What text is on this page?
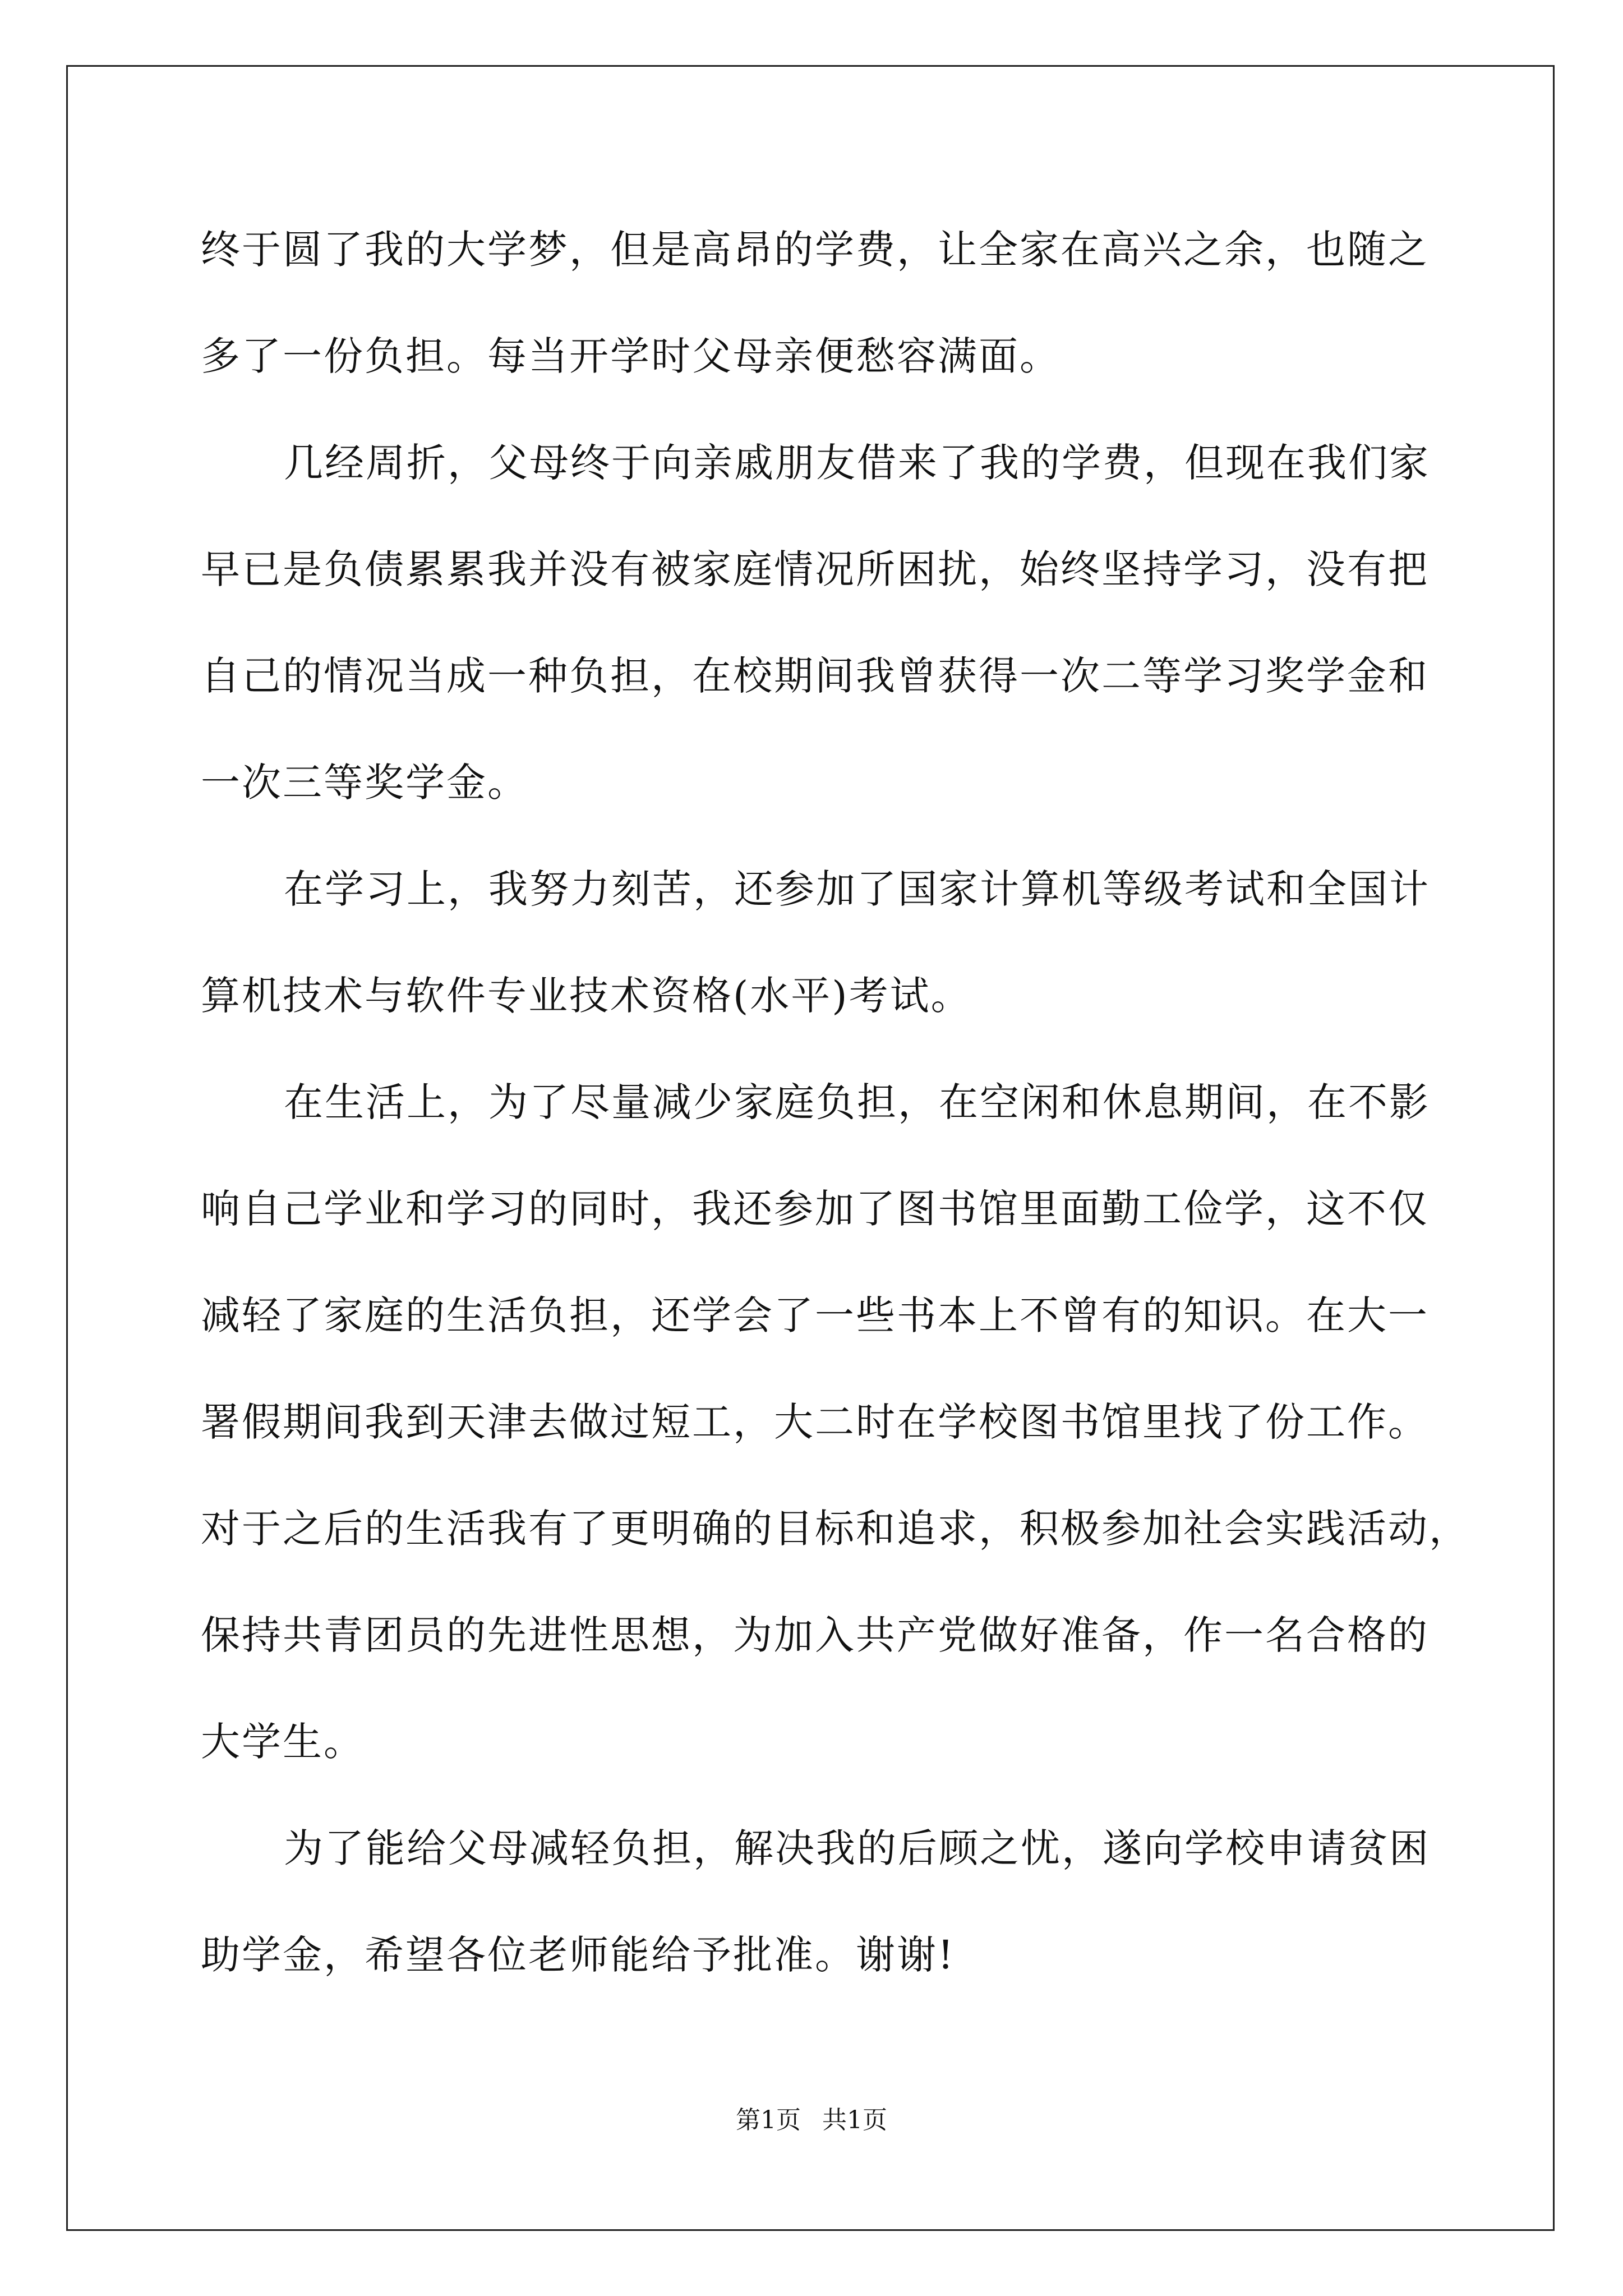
终于圆了我的大学梦，但是高昂的学费，让全家在高兴之余，也随之
多了一份负担。每当开学时父母亲便愁容满面。
几经周折，父母终于向亲戚朋友借来了我的学费，但现在我们家
早已是负债累累我并没有被家庭情况所困扰，始终坚持学习，没有把
自己的情况当成一种负担，在校期间我曾获得一次二等学习奖学金和
一次三等奖学金。
在学习上，我努力刻苦，还参加了国家计算机等级考试和全国计
算机技术与软件专业技术资格(水平)考试。
在生活上，为了尽量减少家庭负担，在空闲和休息期间，在不影
响自己学业和学习的同时，我还参加了图书馆里面勤工俭学，这不仅
减轻了家庭的生活负担，还学会了一些书本上不曾有的知识。在大一
署假期间我到天津去做过短工，大二时在学校图书馆里找了份工作。
对于之后的生活我有了更明确的目标和追求，积极参加社会实践活动，
保持共青团员的先进性思想，为加入共产党做好准备，作一名合格的
大学生。
为了能给父母减轻负担，解决我的后顾之忧，遂向学校申请贫困
助学金，希望各位老师能给予批准。谢谢!
第1页 共1页
